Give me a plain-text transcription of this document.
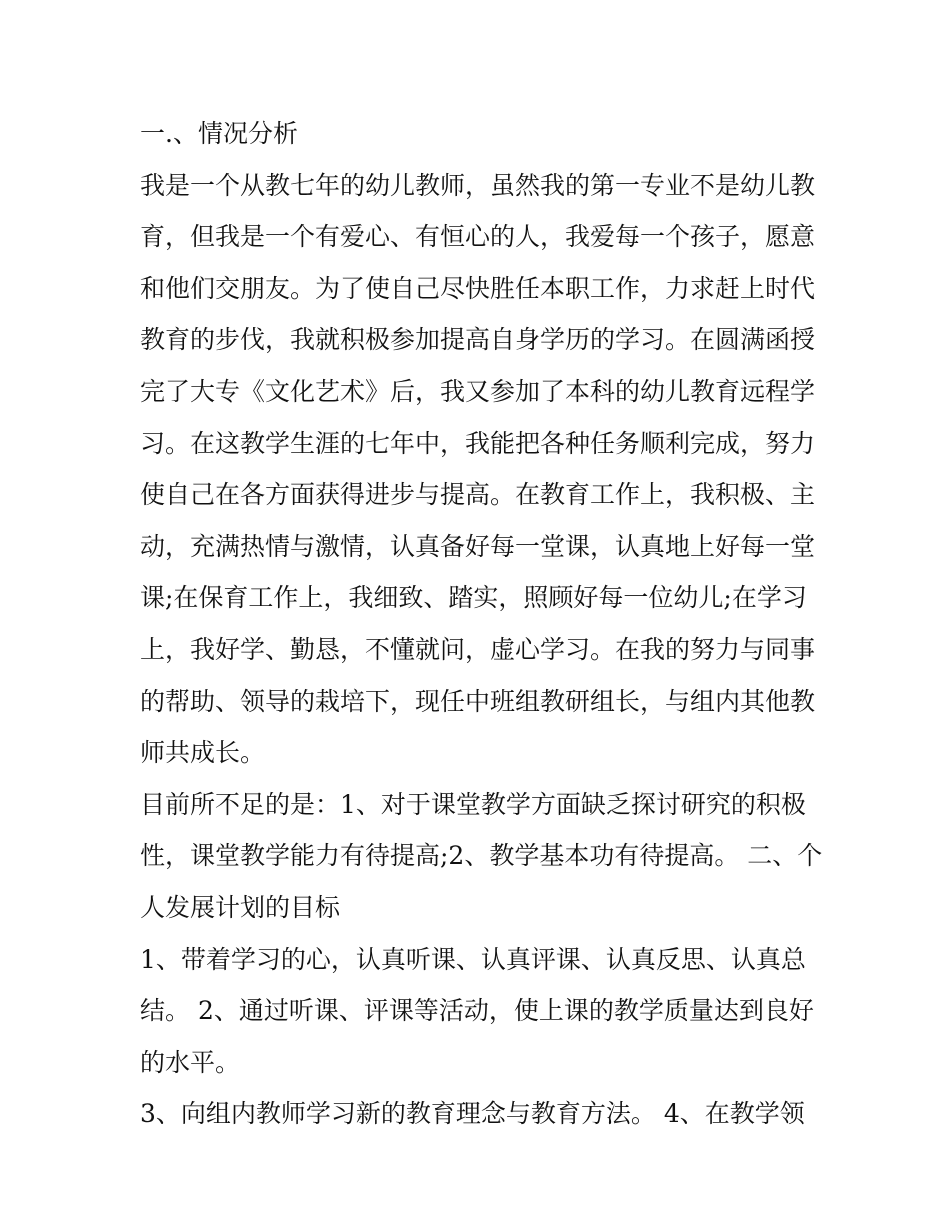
一.、情况分析
我是一个从教七年的幼儿教师，虽然我的第一专业不是幼儿教
育，但我是一个有爱心、有恒心的人，我爱每一个孩子，愿意
和他们交朋友。为了使自己尽快胜任本职工作，力求赶上时代
教育的步伐，我就积极参加提高自身学历的学习。在圆满函授
完了大专《文化艺术》后，我又参加了本科的幼儿教育远程学
习。在这教学生涯的七年中，我能把各种任务顺利完成，努力
使自己在各方面获得进步与提高。在教育工作上，我积极、主
动，充满热情与激情，认真备好每一堂课，认真地上好每一堂
课;在保育工作上，我细致、踏实，照顾好每一位幼儿;在学习
上，我好学、勤恳，不懂就问，虚心学习。在我的努力与同事
的帮助、领导的栽培下，现任中班组教研组长，与组内其他教
师共成长。
目前所不足的是：1、对于课堂教学方面缺乏探讨研究的积极
性，课堂教学能力有待提高;2、教学基本功有待提高。 二、个
人发展计划的目标
1、带着学习的心，认真听课、认真评课、认真反思、认真总
结。 2、通过听课、评课等活动，使上课的教学质量达到良好
的水平。
3、向组内教师学习新的教育理念与教育方法。 4、在教学领
